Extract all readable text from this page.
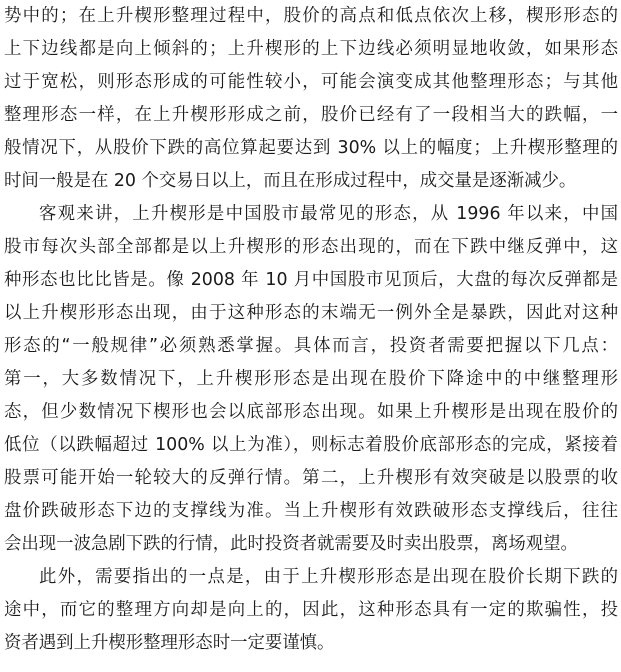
势中的；在上升楔形整理过程中，股价的高点和低点依次上移，楔形形态的
上下边线都是向上倾斜的；上升楔形的上下边线必须明显地收敛，如果形态
过于宽松，则形态形成的可能性较小，可能会演变成其他整理形态；与其他
整理形态一样，在上升楔形形成之前，股价已经有了一段相当大的跌幅，一
般情况下，从股价下跌的高位算起要达到 30% 以上的幅度；上升楔形整理的
时间一般是在 20 个交易日以上，而且在形成过程中，成交量是逐渐减少。
客观来讲，上升楔形是中国股市最常见的形态，从 1996 年以来，中国
股市每次头部全部都是以上升楔形的形态出现的，而在下跌中继反弹中，这
种形态也比比皆是。像 2008 年 10 月中国股市见顶后，大盘的每次反弹都是
以上升楔形形态出现，由于这种形态的末端无一例外全是暴跌，因此对这种
形态的“一般规律”必须熟悉掌握。具体而言，投资者需要把握以下几点：
第一，大多数情况下，上升楔形形态是出现在股价下降途中的中继整理形
态，但少数情况下楔形也会以底部形态出现。如果上升楔形是出现在股价的
低位（以跌幅超过 100% 以上为准），则标志着股价底部形态的完成，紧接着
股票可能开始一轮较大的反弹行情。第二，上升楔形有效突破是以股票的收
盘价跌破形态下边的支撑线为准。当上升楔形有效跌破形态支撑线后，往往
会出现一波急剧下跌的行情，此时投资者就需要及时卖出股票，离场观望。
此外，需要指出的一点是，由于上升楔形形态是出现在股价长期下跌的
途中，而它的整理方向却是向上的，因此，这种形态具有一定的欺骗性，投
资者遇到上升楔形整理形态时一定要谨慎。
